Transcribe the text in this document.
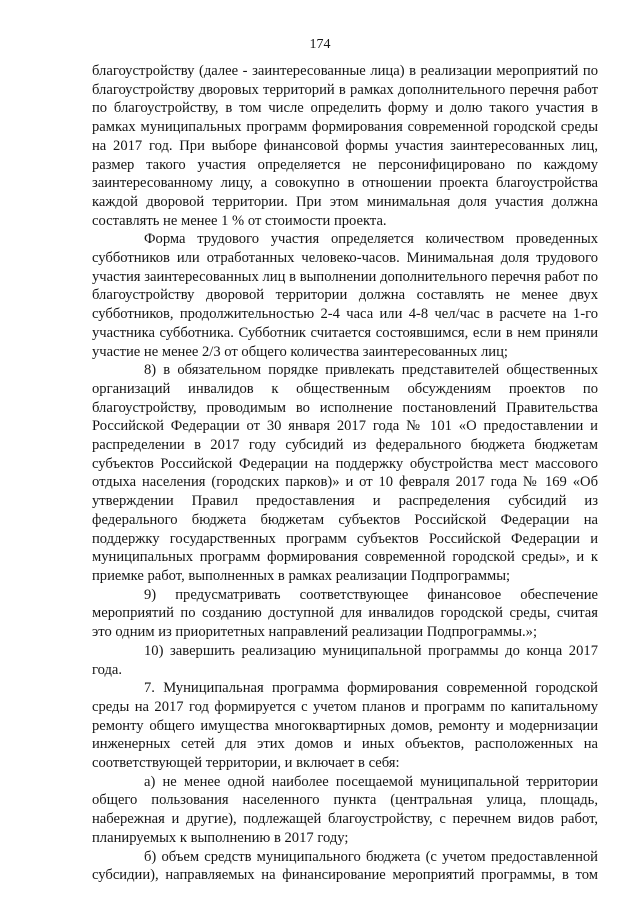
174

благоустройству (далее - заинтересованные лица) в реализации мероприятий по благоустройству дворовых территорий в рамках дополнительного перечня работ по благоустройству, в том числе определить форму и долю такого участия в рамках муниципальных программ формирования современной городской среды на 2017 год. При выборе финансовой формы участия заинтересованных лиц, размер такого участия определяется не персонифицировано по каждому заинтересованному лицу, а совокупно в отношении проекта благоустройства каждой дворовой территории. При этом минимальная доля участия должна составлять не менее 1 % от стоимости проекта.

Форма трудового участия определяется количеством проведенных субботников или отработанных человеко-часов. Минимальная доля трудового участия заинтересованных лиц в выполнении дополнительного перечня работ по благоустройству дворовой территории должна составлять не менее двух субботников, продолжительностью 2-4 часа или 4-8 чел/час в расчете на 1-го участника субботника. Субботник считается состоявшимся, если в нем приняли участие не менее 2/3 от общего количества заинтересованных лиц;

8) в обязательном порядке привлекать представителей общественных организаций инвалидов к общественным обсуждениям проектов по благоустройству, проводимым во исполнение постановлений Правительства Российской Федерации от 30 января 2017 года № 101 «О предоставлении и распределении в 2017 году субсидий из федерального бюджета бюджетам субъектов Российской Федерации на поддержку обустройства мест массового отдыха населения (городских парков)» и от 10 февраля 2017 года № 169 «Об утверждении Правил предоставления и распределения субсидий из федерального бюджета бюджетам субъектов Российской Федерации на поддержку государственных программ субъектов Российской Федерации и муниципальных программ формирования современной городской среды», и к приемке работ, выполненных в рамках реализации Подпрограммы;

9) предусматривать соответствующее финансовое обеспечение мероприятий по созданию доступной для инвалидов городской среды, считая это одним из приоритетных направлений реализации Подпрограммы.»;

10) завершить реализацию муниципальной программы до конца 2017 года.

7. Муниципальная программа формирования современной городской среды на 2017 год формируется с учетом планов и программ по капитальному ремонту общего имущества многоквартирных домов, ремонту и модернизации инженерных сетей для этих домов и иных объектов, расположенных на соответствующей территории, и включает в себя:

а) не менее одной наиболее посещаемой муниципальной территории общего пользования населенного пункта (центральная улица, площадь, набережная и другие), подлежащей благоустройству, с перечнем видов работ, планируемых к выполнению в 2017 году;

б) объем средств муниципального бюджета (с учетом предоставленной субсидии), направляемых на финансирование мероприятий программы, в том
